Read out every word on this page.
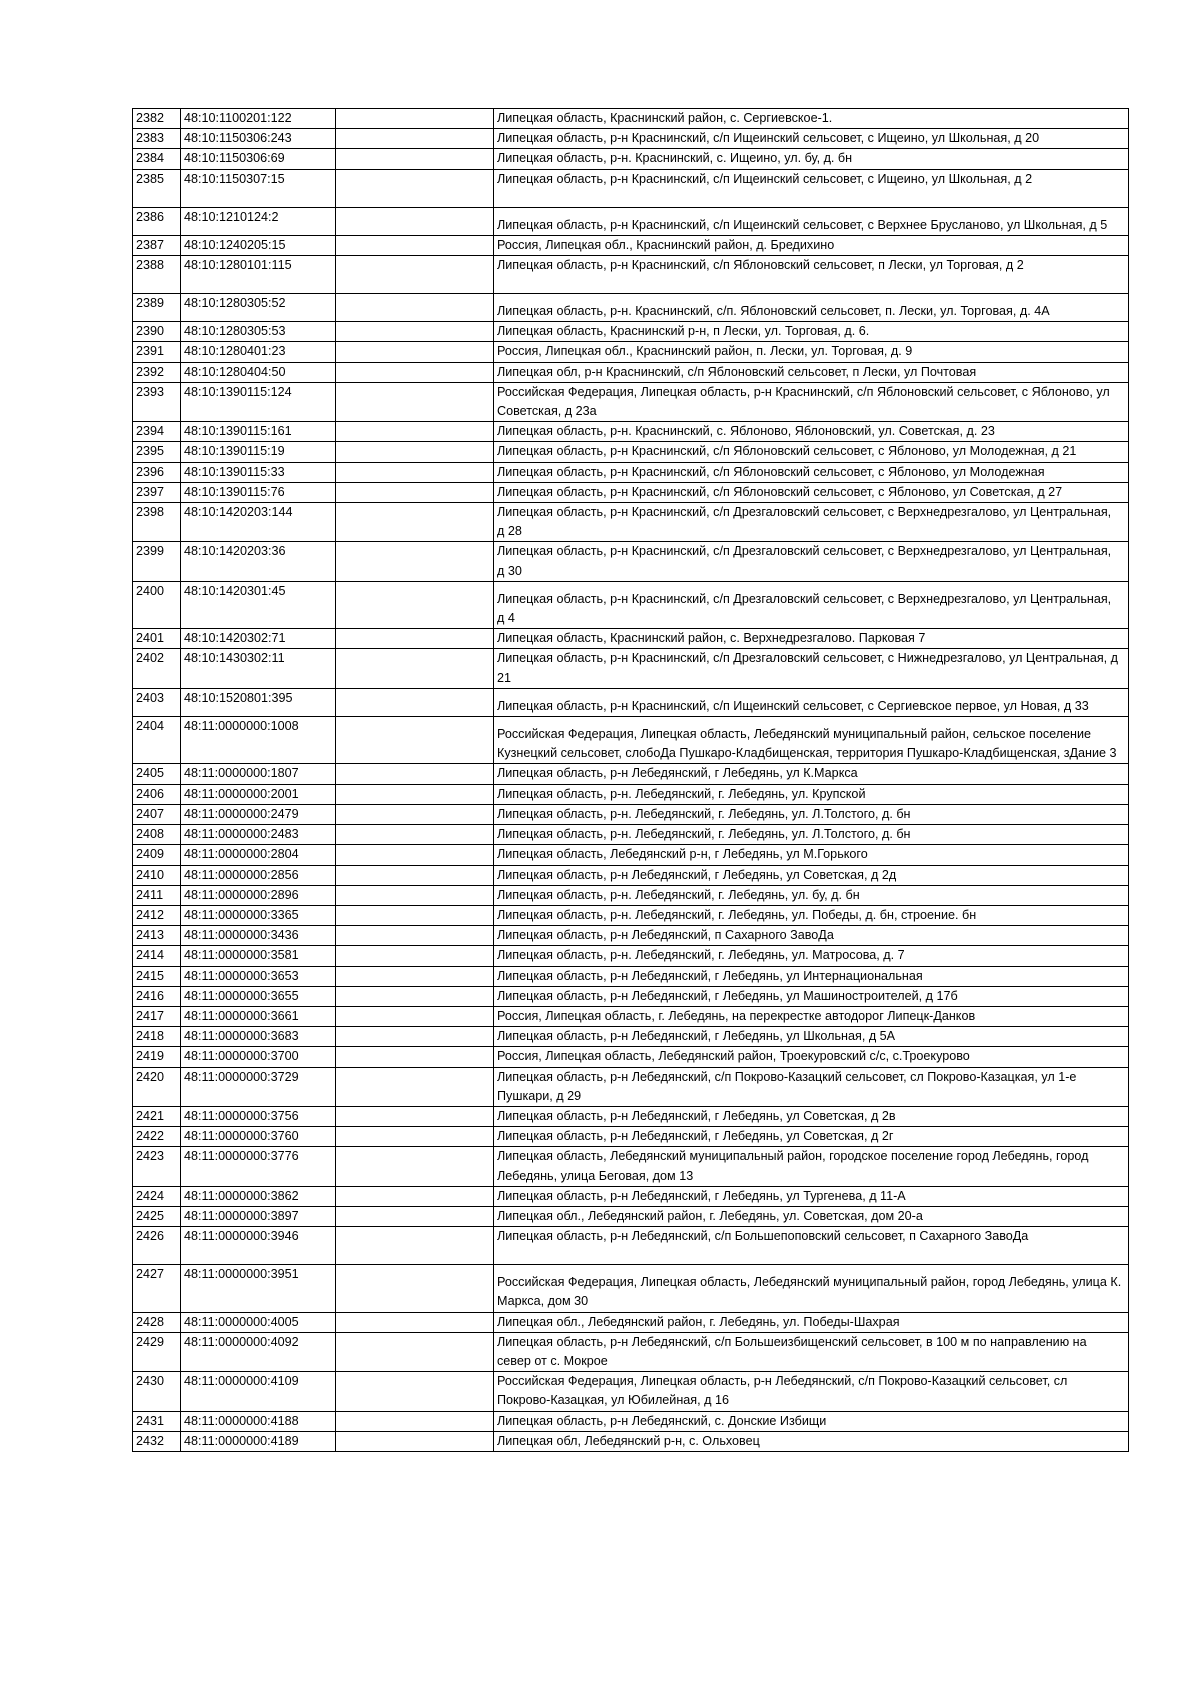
2382	48:10:1100201:122		Липецкая область, Краснинский район, с. Сергиевское-1.
2383	48:10:1150306:243		Липецкая область, р-н Краснинский, с/п Ищеинский сельсовет, с Ищеино, ул Школьная, д 20
2384	48:10:1150306:69		Липецкая область, р-н. Краснинский, с. Ищеино, ул. бу, д. бн
2385	48:10:1150307:15		Липецкая область, р-н Краснинский, с/п Ищеинский сельсовет, с Ищеино, ул Школьная, д 2
2386	48:10:1210124:2		Липецкая область, р-н Краснинский, с/п Ищеинский сельсовет, с Верхнее Брусланово, ул Школьная, д 5
2387	48:10:1240205:15		Россия, Липецкая обл., Краснинский район, д. Бредихино
2388	48:10:1280101:115		Липецкая область, р-н Краснинский, с/п Яблоновский сельсовет, п Лески, ул Торговая, д 2
2389	48:10:1280305:52		Липецкая область, р-н. Краснинский, с/п. Яблоновский сельсовет, п. Лески, ул. Торговая, д. 4А
2390	48:10:1280305:53		Липецкая область, Краснинский р-н, п Лески, ул. Торговая, д. 6.
2391	48:10:1280401:23		Россия, Липецкая обл., Краснинский район, п. Лески, ул. Торговая, д. 9
2392	48:10:1280404:50		Липецкая обл, р-н Краснинский, с/п Яблоновский сельсовет, п Лески, ул Почтовая
2393	48:10:1390115:124		Российская Федерация, Липецкая область, р-н Краснинский, с/п Яблоновский сельсовет, с Яблоново, ул Советская, д 23а
2394	48:10:1390115:161		Липецкая область, р-н. Краснинский, с. Яблоново, Яблоновский, ул. Советская, д. 23
2395	48:10:1390115:19		Липецкая область, р-н Краснинский, с/п Яблоновский сельсовет, с Яблоново, ул Молодежная, д 21
2396	48:10:1390115:33		Липецкая область, р-н Краснинский, с/п Яблоновский сельсовет, с Яблоново, ул Молодежная
2397	48:10:1390115:76		Липецкая область, р-н Краснинский, с/п Яблоновский сельсовет, с Яблоново, ул Советская, д 27
2398	48:10:1420203:144		Липецкая область, р-н Краснинский, с/п Дрезгаловский сельсовет, с Верхнедрезгалово, ул Центральная, д 28
2399	48:10:1420203:36		Липецкая область, р-н Краснинский, с/п Дрезгаловский сельсовет, с Верхнедрезгалово, ул Центральная, д 30
2400	48:10:1420301:45		Липецкая область, р-н Краснинский, с/п Дрезгаловский сельсовет, с Верхнедрезгалово, ул Центральная, д 4
2401	48:10:1420302:71		Липецкая область, Краснинский район, с. Верхнедрезгалово. Парковая 7
2402	48:10:1430302:11		Липецкая область, р-н Краснинский, с/п Дрезгаловский сельсовет, с Нижнедрезгалово, ул Центральная, д 21
2403	48:10:1520801:395		Липецкая область, р-н Краснинский, с/п Ищеинский сельсовет, с Сергиевское первое, ул Новая, д 33
2404	48:11:0000000:1008		Российская Федерация, Липецкая область, Лебедянский муниципальный район, сельское поселение Кузнецкий сельсовет, слобоДа Пушкаро-Кладбищенская, территория Пушкаро-Кладбищенская, зДание 3
2405	48:11:0000000:1807		Липецкая область, р-н Лебедянский, г Лебедянь, ул К.Маркса
2406	48:11:0000000:2001		Липецкая область, р-н. Лебедянский, г. Лебедянь, ул. Крупской
2407	48:11:0000000:2479		Липецкая область, р-н. Лебедянский, г. Лебедянь, ул. Л.Толстого, д. бн
2408	48:11:0000000:2483		Липецкая область, р-н. Лебедянский, г. Лебедянь, ул. Л.Толстого, д. бн
2409	48:11:0000000:2804		Липецкая область, Лебедянский р-н, г Лебедянь, ул М.Горького
2410	48:11:0000000:2856		Липецкая область, р-н Лебедянский, г Лебедянь, ул Советская, д 2д
2411	48:11:0000000:2896		Липецкая область, р-н. Лебедянский, г. Лебедянь, ул. бу, д. бн
2412	48:11:0000000:3365		Липецкая область, р-н. Лебедянский, г. Лебедянь, ул. Победы, д. бн, строение. бн
2413	48:11:0000000:3436		Липецкая область, р-н Лебедянский, п Сахарного ЗавоДа
2414	48:11:0000000:3581		Липецкая область, р-н. Лебедянский, г. Лебедянь, ул. Матросова, д. 7
2415	48:11:0000000:3653		Липецкая область, р-н Лебедянский, г Лебедянь, ул Интернациональная
2416	48:11:0000000:3655		Липецкая область, р-н Лебедянский, г Лебедянь, ул Машиностроителей, д 17б
2417	48:11:0000000:3661		Россия, Липецкая область, г. Лебедянь, на перекрестке автодорог Липецк-Данков
2418	48:11:0000000:3683		Липецкая область, р-н Лебедянский, г Лебедянь, ул Школьная, д 5А
2419	48:11:0000000:3700		Россия, Липецкая область, Лебедянский район, Троекуровский с/с, с.Троекурово
2420	48:11:0000000:3729		Липецкая область, р-н Лебедянский, с/п Покрово-Казацкий сельсовет, сл Покрово-Казацкая, ул 1-е Пушкари, д 29
2421	48:11:0000000:3756		Липецкая область, р-н Лебедянский, г Лебедянь, ул Советская, д 2в
2422	48:11:0000000:3760		Липецкая область, р-н Лебедянский, г Лебедянь, ул Советская, д 2г
2423	48:11:0000000:3776		Липецкая область, Лебедянский муниципальный район, городское поселение город Лебедянь, город Лебедянь, улица Беговая, дом 13
2424	48:11:0000000:3862		Липецкая область, р-н Лебедянский, г Лебедянь, ул Тургенева, д 11-А
2425	48:11:0000000:3897		Липецкая обл., Лебедянский район, г. Лебедянь, ул. Советская, дом 20-а
2426	48:11:0000000:3946		Липецкая область, р-н Лебедянский, с/п Большепоповский сельсовет, п Сахарного ЗавоДа
2427	48:11:0000000:3951		Российская Федерация, Липецкая область, Лебедянский муниципальный район, город Лебедянь, улица К. Маркса, дом 30
2428	48:11:0000000:4005		Липецкая обл., Лебедянский район, г. Лебедянь, ул. Победы-Шахрая
2429	48:11:0000000:4092		Липецкая область, р-н Лебедянский, с/п Большеизбищенский сельсовет, в 100 м по направлению на север от с. Мокрое
2430	48:11:0000000:4109		Российская Федерация, Липецкая область, р-н Лебедянский, с/п Покрово-Казацкий сельсовет, сл Покрово-Казацкая, ул Юбилейная, д 16
2431	48:11:0000000:4188		Липецкая область, р-н Лебедянский, с. Донские Избищи
2432	48:11:0000000:4189		Липецкая обл, Лебедянский р-н, с. Ольховец
